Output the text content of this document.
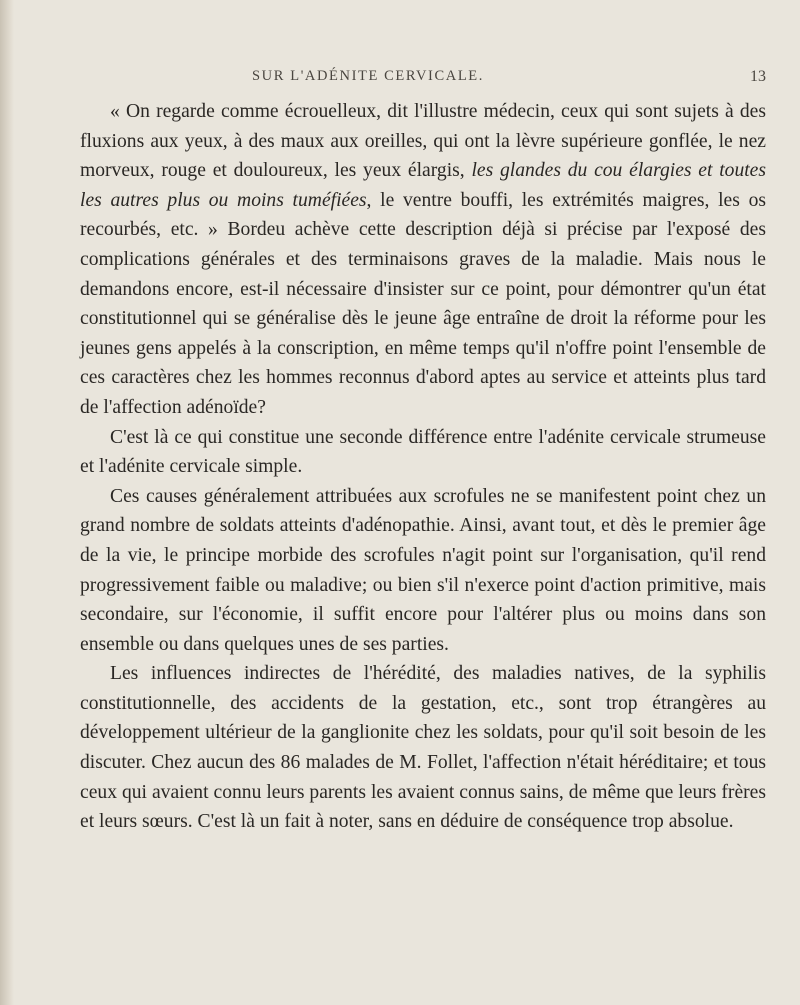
SUR L'ADÉNITE CERVICALE.	13

« On regarde comme écrouelleux, dit l'illustre médecin, ceux qui sont sujets à des fluxions aux yeux, à des maux aux oreilles, qui ont la lèvre supérieure gonflée, le nez morveux, rouge et douloureux, les yeux élargis, les glandes du cou élargies et toutes les autres plus ou moins tuméfiées, le ventre bouffi, les extrémités maigres, les os recourbés, etc. » Bordeu achève cette description déjà si précise par l'exposé des complications générales et des terminaisons graves de la maladie. Mais nous le demandons encore, est-il nécessaire d'insister sur ce point, pour démontrer qu'un état constitutionnel qui se généralise dès le jeune âge entraîne de droit la réforme pour les jeunes gens appelés à la conscription, en même temps qu'il n'offre point l'ensemble de ces caractères chez les hommes reconnus d'abord aptes au service et atteints plus tard de l'affection adénoïde?

C'est là ce qui constitue une seconde différence entre l'adénite cervicale strumeuse et l'adénite cervicale simple.

Ces causes généralement attribuées aux scrofules ne se manifestent point chez un grand nombre de soldats atteints d'adénopathie. Ainsi, avant tout, et dès le premier âge de la vie, le principe morbide des scrofules n'agit point sur l'organisation, qu'il rend progressivement faible ou maladive; ou bien s'il n'exerce point d'action primitive, mais secondaire, sur l'économie, il suffit encore pour l'altérer plus ou moins dans son ensemble ou dans quelques unes de ses parties.

Les influences indirectes de l'hérédité, des maladies natives, de la syphilis constitutionnelle, des accidents de la gestation, etc., sont trop étrangères au développement ultérieur de la ganglionite chez les soldats, pour qu'il soit besoin de les discuter. Chez aucun des 86 malades de M. Follet, l'affection n'était héréditaire; et tous ceux qui avaient connu leurs parents les avaient connus sains, de même que leurs frères et leurs sœurs. C'est là un fait à noter, sans en déduire de conséquence trop absolue.
